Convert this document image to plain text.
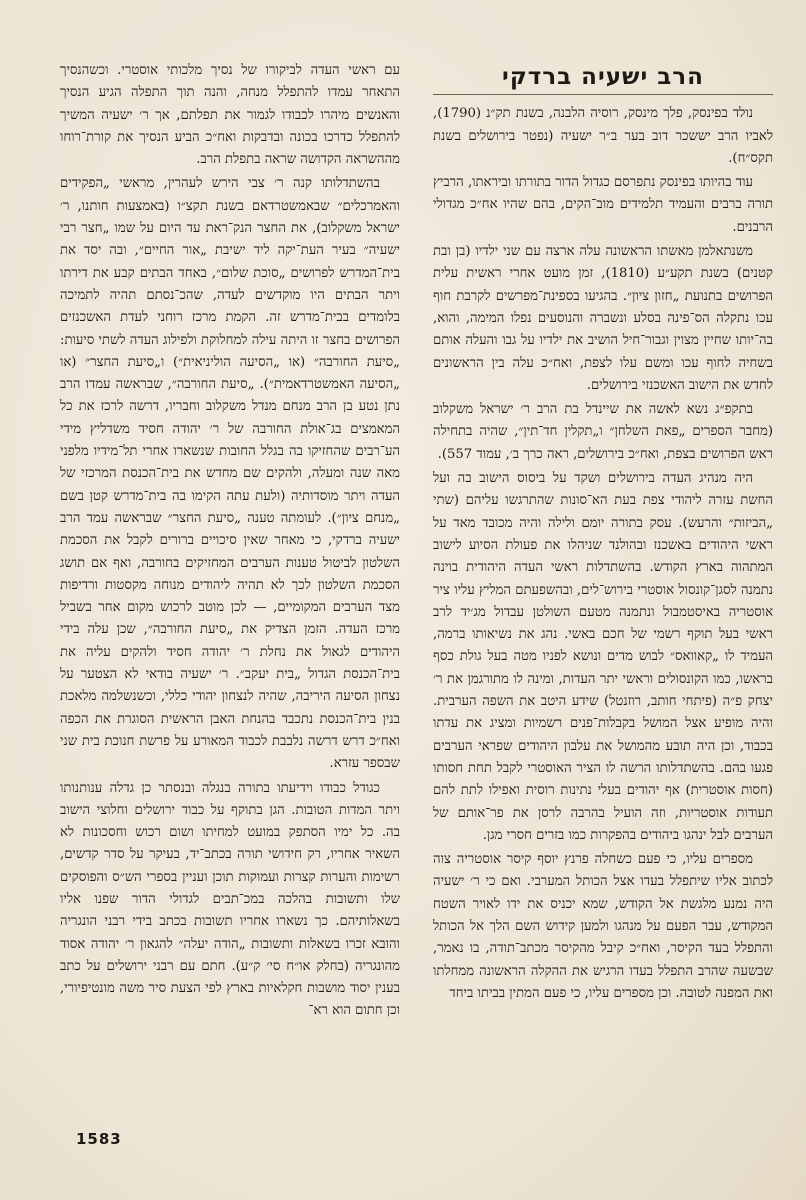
הרב ישעיה ברדקי

נולד בפינסק, פלך מינסק, רוסיה הלבנה, בשנת תק״נ (1790), לאביו הרב יששכר דוב בער ב״ר ישעיה (נפטר בירושלים בשנת תקס״ח).

עוד בהיותו בפינסק נתפרסם כגדול הדור בתורתו וביראתו, הרביץ תורה ברבים והעמיד תלמידים מוב־הקים, בהם שהיו אח״כ מגדולי הרבנים.

משנתאלמן מאשתו הראשונה עלה ארצה עם שני ילדיו (בן ובת קטנים) בשנת תקע״ע (1810), זמן מועט אחרי ראשית עלית הפרושים בתנועת „חזון ציון״. בהגיעו בספינת־מפרשים לקרבת חוף עכו נתקלה הס־פינה בסלע ונשברה והנוסעים נפלו המימה, והוא, בה־יותו שחיין מצוין וגבור־חיל הושיב את ילדיו על גבו והעלה אותם בשחיה לחוף עכו ומשם עלו לצפת, ואח״כ עלה בין הראשונים לחדש את הישוב האשכנזי בירושלים.

בתקפ״ג נשא לאשה את שיינדל בת הרב ר׳ ישראל משקלוב (מחבר הספרים „פאת השלחן״ ו„תקלין חד־תין״, שהיה בתחילה ראש הפרושים בצפת, ואח״כ בירושלים, ראה כרך ב׳, עמוד 557).

היה מנהיג העדה בירושלים ושקד על ביסוס הישוב בה ועל החשת עזרה ליהודי צפת בעת הא־סונות שהתרגשו עליהם (שתי „הביזות״ והרעש). עסק בתורה יומם ולילה והיה מכובד מאד על ראשי היהודים באשכנז ובהולנד שניהלו את פעולת הסיוע לישוב המתהוה בארץ הקודש. בהשתדלות ראשי העדה היהודית בוינה נתמנה לסגן־קונסול אוסטרי בירוש־לים, ובהשפעתם המליץ עליו ציר אוסטריה באיסטמבול ונתמנה מטעם השולטן עבדול מג׳יד לרב ראשי בעל תוקף רשמי של חכם באשי. נהג את נשיאותו ברמה, העמיד לו „קאוואס״ לבוש מדים ונושא לפניו מטה בעל גולת כסף בראשו, כמו הקונסולים וראשי יתר העדות, ומינה לו מתורגמן את ר׳ יצחק פ״ה (פיתחי חותב, רוזנטל) שידע היטב את השפה הערבית. והיה מופיע אצל המושל בקבלות־פנים רשמיות ומציג את עדתו בכבוד, וכן היה תובע מהמושל את עלבון היהודים שפראי הערבים פגעו בהם. בהשתדלותו הרשה לו הציר האוסטרי לקבל תחת חסותו (חסות אוסטרית) אף יהודים בעלי נתינות רוסית ואפילו לתת להם תעודות אוסטריות, וזה הועיל בהרבה לרסן את פר־אותם של הערבים לבל ינהגו ביהודים בהפקרות כמו בזרים חסרי מגן.

מספרים עליו, כי פעם כשחלה פרנץ יוסף קיסר אוסטריה צוה לכתוב אליו שיתפלל בעדו אצל הכותל המערבי. ואם כי ר׳ ישעיה היה נמנע מלגשת אל הקודש, שמא יכניס את ידו לאויר השטח המקודש, עבר הפעם על מנהגו ולמען קידוש השם הלך אל הכותל והתפלל בעד הקיסר, ואח״כ קיבל מהקיסר מכתב־תודה, בו נאמר, שבשעה שהרב התפלל בעדו הרגיש את ההקלה הראשונה ממחלתו ואת המפנה לטובה. וכן מספרים עליו, כי פעם המתין בביתו ביחד

עם ראשי העדה לביקורו של נסיך מלכותי אוסטרי. וכשהנסיך התאחר עמדו להתפלל מנחה, והנה תוך התפלה הגיע הנסיך והאנשים מיהרו לכבודו לגמור את תפלתם, אך ר׳ ישעיה המשיך להתפלל כדרכו בכונה ובדבקות ואח״כ הביע הנסיך את קורת־רוחו מההשראה הקדושה שראה בתפלת הרב.

בהשתדלותו קנה ר׳ צבי הירש לעהרין, מראשי „הפקידים והאמרכלים״ שבאמשטרדאם בשנת תקצ״ו (באמצעות חותנו, ר׳ ישראל משקלוב), את החצר הנק־ראת עד היום על שמו „חצר רבי ישעיה״ בעיר העת־יקה ליד ישיבת „אור החיים״, ובה יסד את בית־המדרש לפרושים „סוכת שלום״, באחד הבתים קבע את דירתו ויתר הבתים היו מוקדשים לעדה, שהכ־נסתם תהיה לתמיכה בלומדים בבית־מדרש זה. הקמת מרכז רוחני לעדת האשכנזים הפרושים בחצר זו היתה עילה למחלוקת ולפילוג העדה לשתי סיעות: „סיעת החורבה״ (או „הסיעה הוליניאית״) ו„סיעת החצר״ (או „הסיעה האמשטרדאמית״). „סיעת החורבה״, שבראשה עמדו הרב נתן נטע בן הרב מנחם מנדל משקלוב וחבריו, דרשה לרכז את כל המאמצים בג־אולת החורבה של ר׳ יהודה חסיד משדליץ מידי הע־רבים שהחזיקו בה בגלל החובות שנשארו אחרי תל־מידיו מלפני מאה שנה ומעלה, ולהקים שם מחדש את בית־הכנסת המרכזי של העדה ויתר מוסדותיה (ולעת עתה הקימו בה בית־מדרש קטן בשם „מנחם ציון״). לעומתה טענה „סיעת החצר״ שבראשה עמד הרב ישעיה ברדקי, כי מאחר שאין סיכויים ברורים לקבל את הסכמת השלטון לביטול טענות הערבים המחזיקים בחורבה, ואף אם תושג הסכמת השלטון לכך לא תהיה ליהודים מנוחה מקסטות ורדיפות מצד הערבים המקומיים, — לכן מוטב לרכוש מקום אחר בשביל מרכז העדה. הזמן הצדיק את „סיעת החורבה״, שכן עלה בידי היהודים לגאול את נחלת ר׳ יהודה חסיד ולהקים עליה את בית־הכנסת הגדול „בית יעקב״. ר׳ ישעיה בודאי לא הצטער על נצחון הסיעה היריבה, שהיה לנצחון יהודי כללי, וכשנשלמה מלאכת בנין בית־הכנסת נתכבד בהנחת האבן הראשית הסוגרת את הכפה ואח״כ דרש דרשה נלבבת לכבוד המאורע על פרשת חנוכת בית שני שבספר עזרא.

כגודל כבודו וידיעתו בתורה בנגלה ובנסתר כן גדלה ענותנותו ויתר המדות הטובות. הגן בתוקף על כבוד ירושלים וחלוצי הישוב בה. כל ימיו הסתפק במועט למחיתו ושום רכוש וחסכונות לא השאיר אחריו, רק חידושי תורה בכתב־יד, בעיקר על סדר קדשים, רשימות והערות קצרות ועמוקות תוכן ועניין בספרי הש״ס והפוסקים שלו ותשובות בהלכה במכ־תבים לגדולי הדור שפנו אליו בשאלותיהם. כך נשארו אחריו תשובות בכתב בידי רבני הונגריה והובא זכרו בשאלות ותשובות „הודה יעלה״ להגאון ר׳ יהודה אסוד מהונגריה (בחלק או״ח סי׳ ק״ע). חתם עם רבני ירושלים על כתב בענין יסוד מושבות חקלאיות בארץ לפי הצעת סיר משה מונטיפיורי, וכן חתום הוא רא־

1583
